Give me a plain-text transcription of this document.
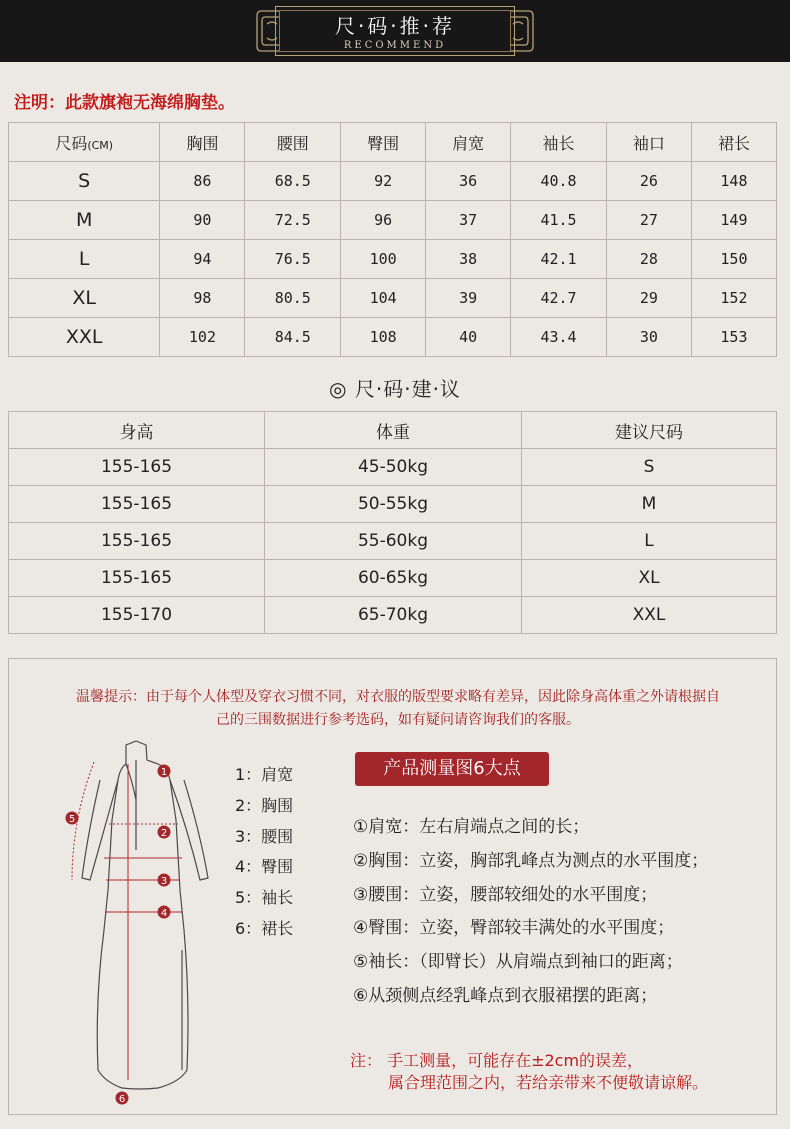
尺·码·推·荐
RECOMMEND
注明：此款旗袍无海绵胸垫。
尺码(CM)	胸围	腰围	臀围	肩宽	袖长	袖口	裙长
S	86	68.5	92	36	40.8	26	148
M	90	72.5	96	37	41.5	27	149
L	94	76.5	100	38	42.1	28	150
XL	98	80.5	104	39	42.7	29	152
XXL	102	84.5	108	40	43.4	30	153
◎ 尺·码·建·议
身高	体重	建议尺码
155-165	45-50kg	S
155-165	50-55kg	M
155-165	55-60kg	L
155-165	60-65kg	XL
155-170	65-70kg	XXL
温馨提示：由于每个人体型及穿衣习惯不同，对衣服的版型要求略有差异，因此除身高体重之外请根据自
己的三围数据进行参考选码，如有疑问请咨询我们的客服。
1
2
3
4
5
6
1：肩宽
2：胸围
3：腰围
4：臀围
5：袖长
6：裙长
产品测量图6大点
①肩宽：左右肩端点之间的长；
②胸围：立姿，胸部乳峰点为测点的水平围度；
③腰围：立姿，腰部较细处的水平围度；
④臀围：立姿，臀部较丰满处的水平围度；
⑤袖长：（即臂长）从肩端点到袖口的距离；
⑥从颈侧点经乳峰点到衣服裙摆的距离；
注： 手工测量，可能存在±2cm的误差，
属合理范围之内，若给亲带来不便敬请谅解。
